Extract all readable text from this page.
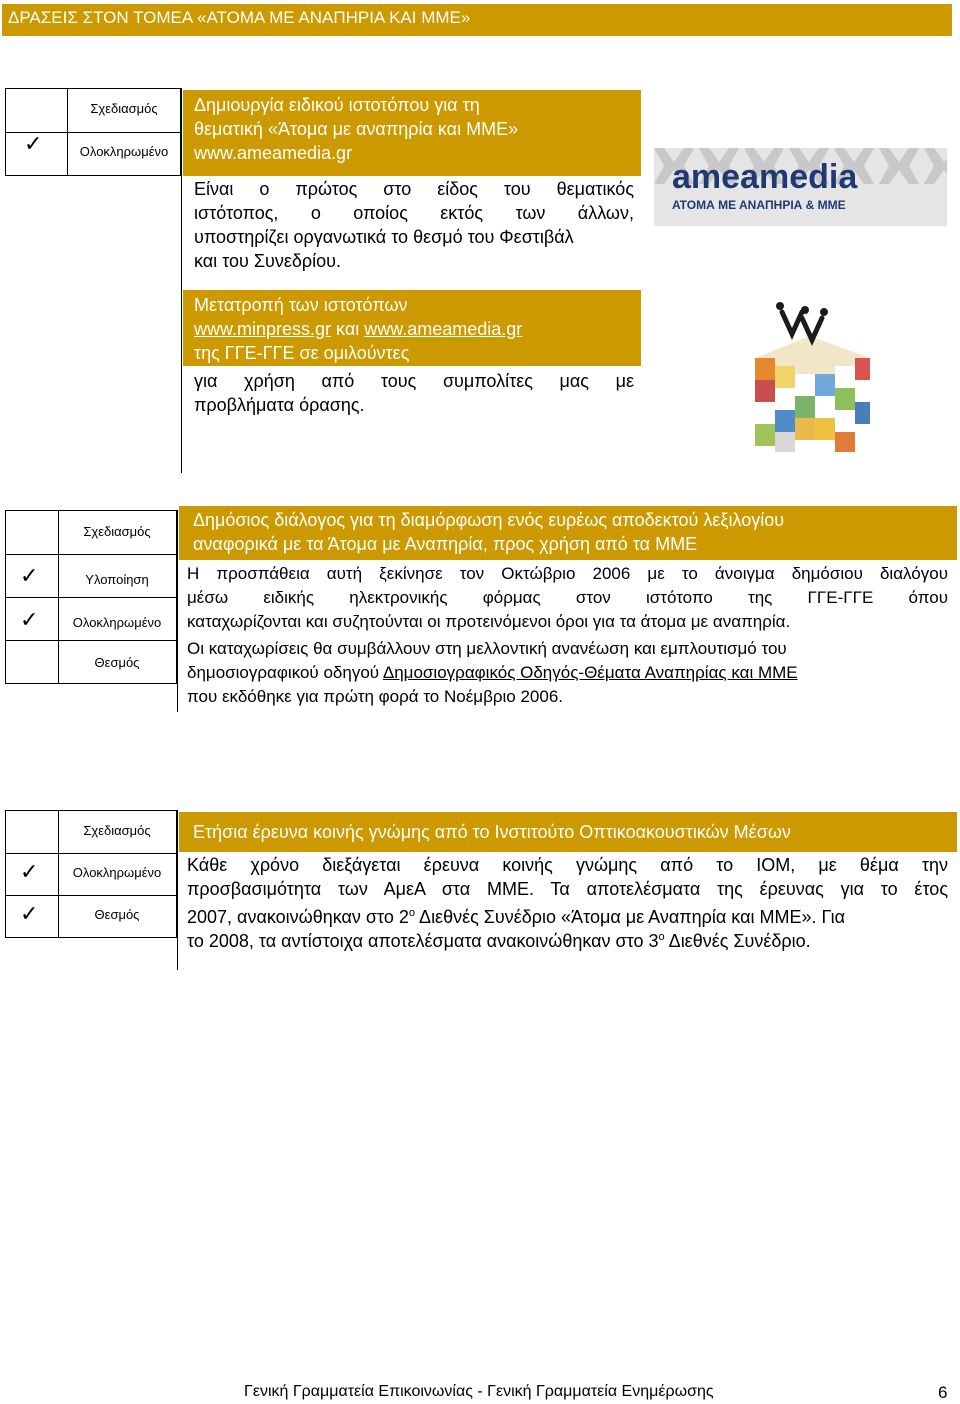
ΔΡΑΣΕΙΣ ΣΤΟΝ ΤΟΜΕΑ «ΑΤΟΜΑ ΜΕ ΑΝΑΠΗΡΙΑ ΚΑΙ ΜΜΕ»
Σχεδιασμός
Ολοκληρωμένο
✓
Δημιουργία ειδικού ιστοτόπου για τη
θεματική «Άτομα με αναπηρία και ΜΜΕ»
www.ameamedia.gr
Είναι ο πρώτος στο είδος του θεματικός
ιστότοπος, ο οποίος εκτός των άλλων,
υποστηρίζει οργανωτικά το θεσμό του Φεστιβάλ
και του Συνεδρίου.
ameamedia
ΑΤΟΜΑ ΜΕ ΑΝΑΠΗΡΙΑ & ΜΜΕ
Μετατροπή των ιστοτόπων
www.minpress.gr και www.ameamedia.gr
της ΓΓΕ-ΓΓΕ σε ομιλούντες
για χρήση από τους συμπολίτες μας με
προβλήματα όρασης.
Σχεδιασμός
Υλοποίηση
Ολοκληρωμένο
Θεσμός
✓
✓
Δημόσιος διάλογος για τη διαμόρφωση ενός ευρέως αποδεκτού λεξιλογίου
αναφορικά με τα Άτομα με Αναπηρία, προς χρήση από τα ΜΜΕ
Η προσπάθεια αυτή ξεκίνησε τον Οκτώβριο 2006 με το άνοιγμα δημόσιου διαλόγου
μέσω ειδικής ηλεκτρονικής φόρμας στον ιστότοπο της ΓΓΕ-ΓΓΕ όπου
καταχωρίζονται και συζητούνται οι προτεινόμενοι όροι για τα άτομα με αναπηρία.
Οι καταχωρίσεις θα συμβάλλουν στη μελλοντική ανανέωση και εμπλουτισμό του
δημοσιογραφικού οδηγού Δημοσιογραφικός Οδηγός-Θέματα Αναπηρίας και ΜΜΕ
που εκδόθηκε για πρώτη φορά το Νοέμβριο 2006.
Σχεδιασμός
Ολοκληρωμένο
Θεσμός
✓
✓
Ετήσια έρευνα κοινής γνώμης από το Ινστιτούτο Οπτικοακουστικών Μέσων
Κάθε χρόνο διεξάγεται έρευνα κοινής γνώμης από το ΙΟΜ, με θέμα την
προσβασιμότητα των ΑμεΑ στα ΜΜΕ. Τα αποτελέσματα της έρευνας για το έτος
2007, ανακοινώθηκαν στο $2^o$ Διεθνές Συνέδριο «Άτομα με Αναπηρία και ΜΜΕ». Για
το 2008, τα αντίστοιχα αποτελέσματα ανακοινώθηκαν στο $3^o$ Διεθνές Συνέδριο.
Γενική Γραμματεία Επικοινωνίας - Γενική Γραμματεία Ενημέρωσης	6
